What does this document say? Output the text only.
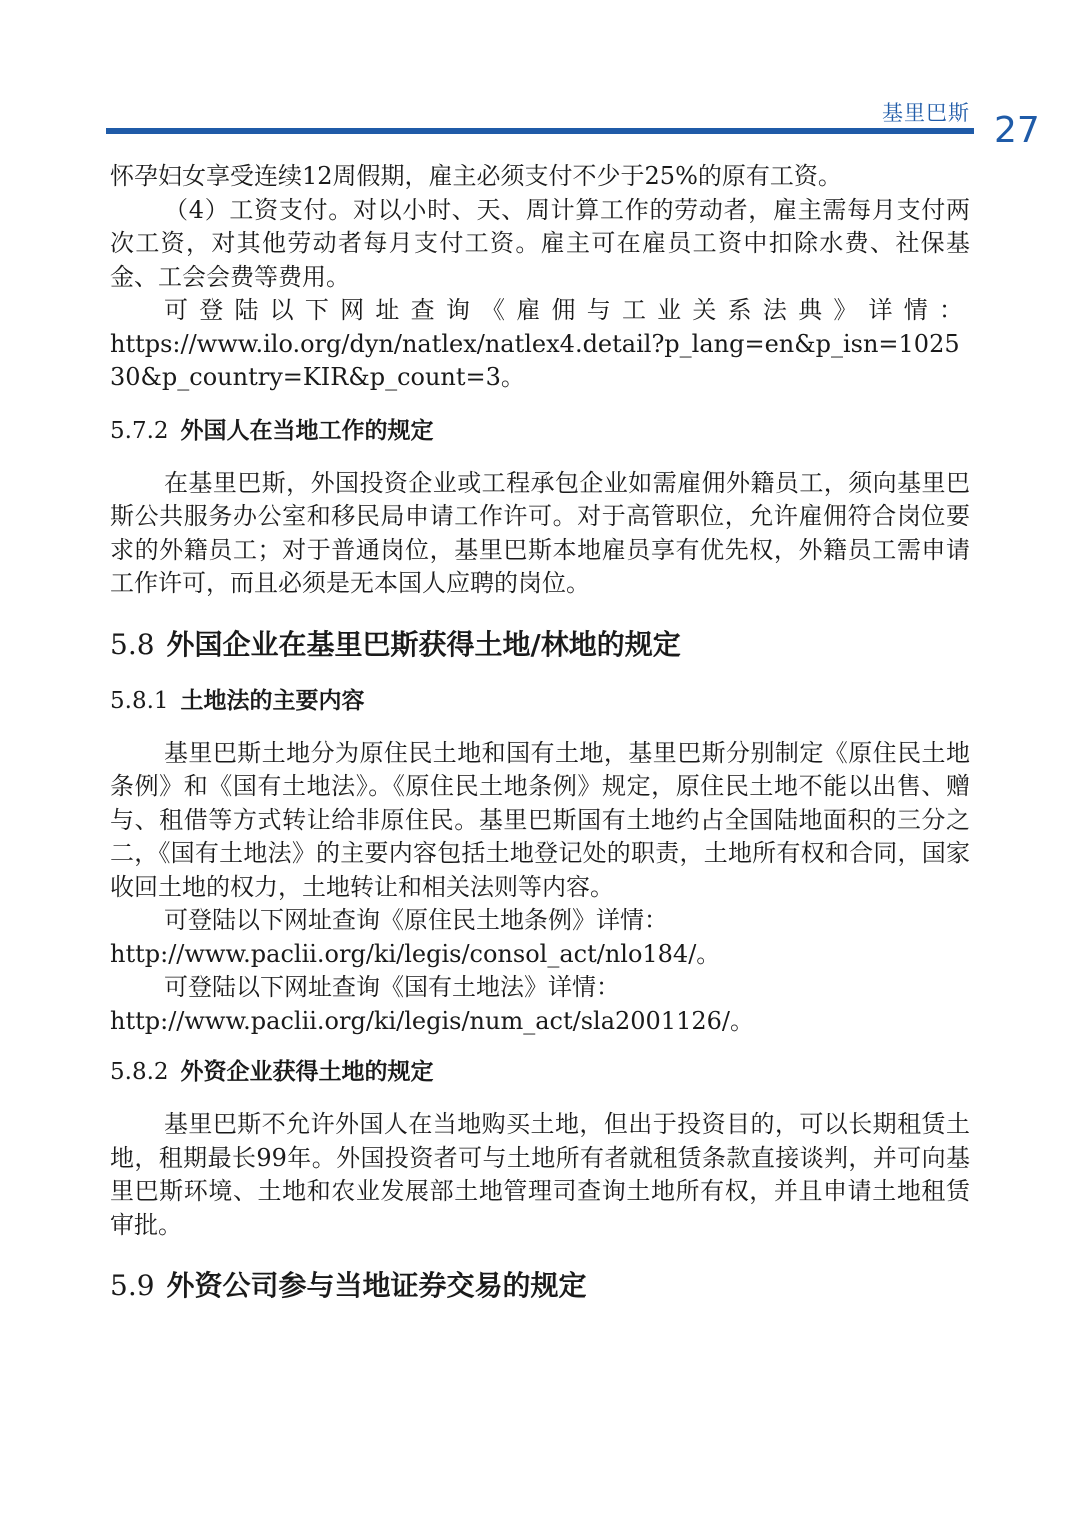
基里巴斯 27

怀孕妇女享受连续12周假期，雇主必须支付不少于25%的原有工资。

（4）工资支付。对以小时、天、周计算工作的劳动者，雇主需每月支付两次工资，对其他劳动者每月支付工资。雇主可在雇员工资中扣除水费、社保基金、工会会费等费用。

可登陆以下网址查询《雇佣与工业关系法典》详情：

https://www.ilo.org/dyn/natlex/natlex4.detail?p_lang=en&p_isn=102530&p_country=KIR&p_count=3。

5.7.2 外国人在当地工作的规定

在基里巴斯，外国投资企业或工程承包企业如需雇佣外籍员工，须向基里巴斯公共服务办公室和移民局申请工作许可。对于高管职位，允许雇佣符合岗位要求的外籍员工；对于普通岗位，基里巴斯本地雇员享有优先权，外籍员工需申请工作许可，而且必须是无本国人应聘的岗位。

5.8 外国企业在基里巴斯获得土地/林地的规定
5.8.1 土地法的主要内容

基里巴斯土地分为原住民土地和国有土地，基里巴斯分别制定《原住民土地条例》和《国有土地法》。《原住民土地条例》规定，原住民土地不能以出售、赠与、租借等方式转让给非原住民。基里巴斯国有土地约占全国陆地面积的三分之二，《国有土地法》的主要内容包括土地登记处的职责，土地所有权和合同，国家收回土地的权力，土地转让和相关法则等内容。

可登陆以下网址查询《原住民土地条例》详情：

http://www.paclii.org/ki/legis/consol_act/nlo184/。

可登陆以下网址查询《国有土地法》详情：

http://www.paclii.org/ki/legis/num_act/sla2001126/。

5.8.2 外资企业获得土地的规定

基里巴斯不允许外国人在当地购买土地，但出于投资目的，可以长期租赁土地，租期最长99年。外国投资者可与土地所有者就租赁条款直接谈判，并可向基里巴斯环境、土地和农业发展部土地管理司查询土地所有权，并且申请土地租赁审批。

5.9 外资公司参与当地证券交易的规定
